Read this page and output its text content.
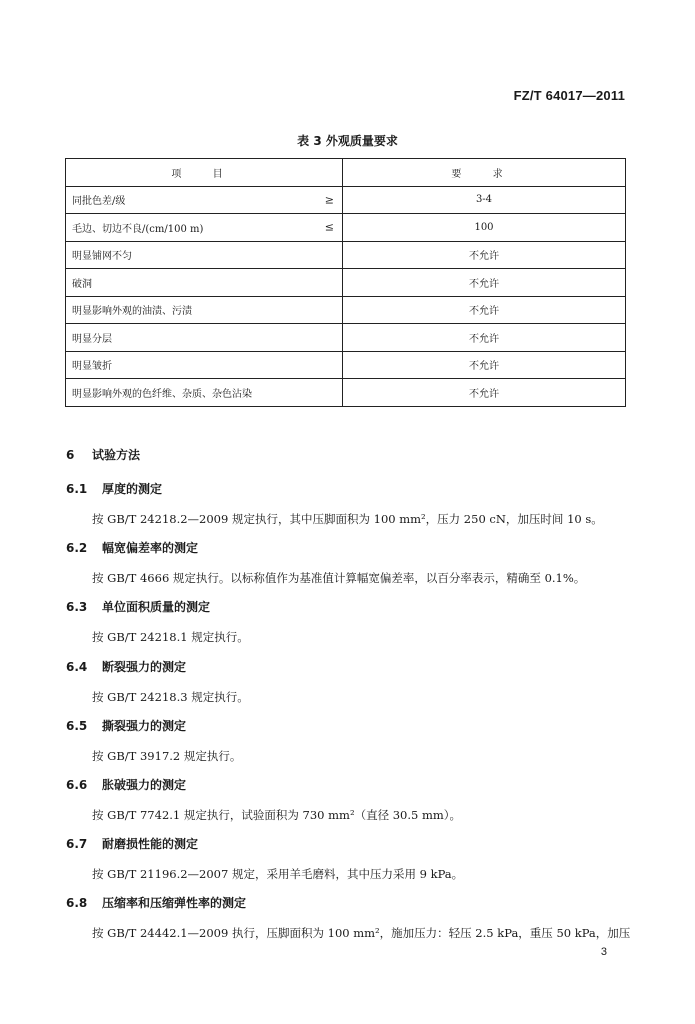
FZ/T 64017—2011
表 3 外观质量要求
项 目	要 求
同批色差/级 ≥	3-4
毛边、切边不良/(cm/100 m) ≤	100
明显铺网不匀	不允许
破洞	不允许
明显影响外观的油渍、污渍	不允许
明显分层	不允许
明显皱折	不允许
明显影响外观的色纤维、杂质、杂色沾染	不允许
6 试验方法
6.1 厚度的测定
按 GB/T 24218.2—2009 规定执行，其中压脚面积为 100 mm²，压力 250 cN，加压时间 10 s。
6.2 幅宽偏差率的测定
按 GB/T 4666 规定执行。以标称值作为基准值计算幅宽偏差率，以百分率表示，精确至 0.1%。
6.3 单位面积质量的测定
按 GB/T 24218.1 规定执行。
6.4 断裂强力的测定
按 GB/T 24218.3 规定执行。
6.5 撕裂强力的测定
按 GB/T 3917.2 规定执行。
6.6 胀破强力的测定
按 GB/T 7742.1 规定执行，试验面积为 730 mm²（直径 30.5 mm）。
6.7 耐磨损性能的测定
按 GB/T 21196.2—2007 规定，采用羊毛磨料，其中压力采用 9 kPa。
6.8 压缩率和压缩弹性率的测定
按 GB/T 24442.1—2009 执行，压脚面积为 100 mm²，施加压力：轻压 2.5 kPa，重压 50 kPa，加压
3
